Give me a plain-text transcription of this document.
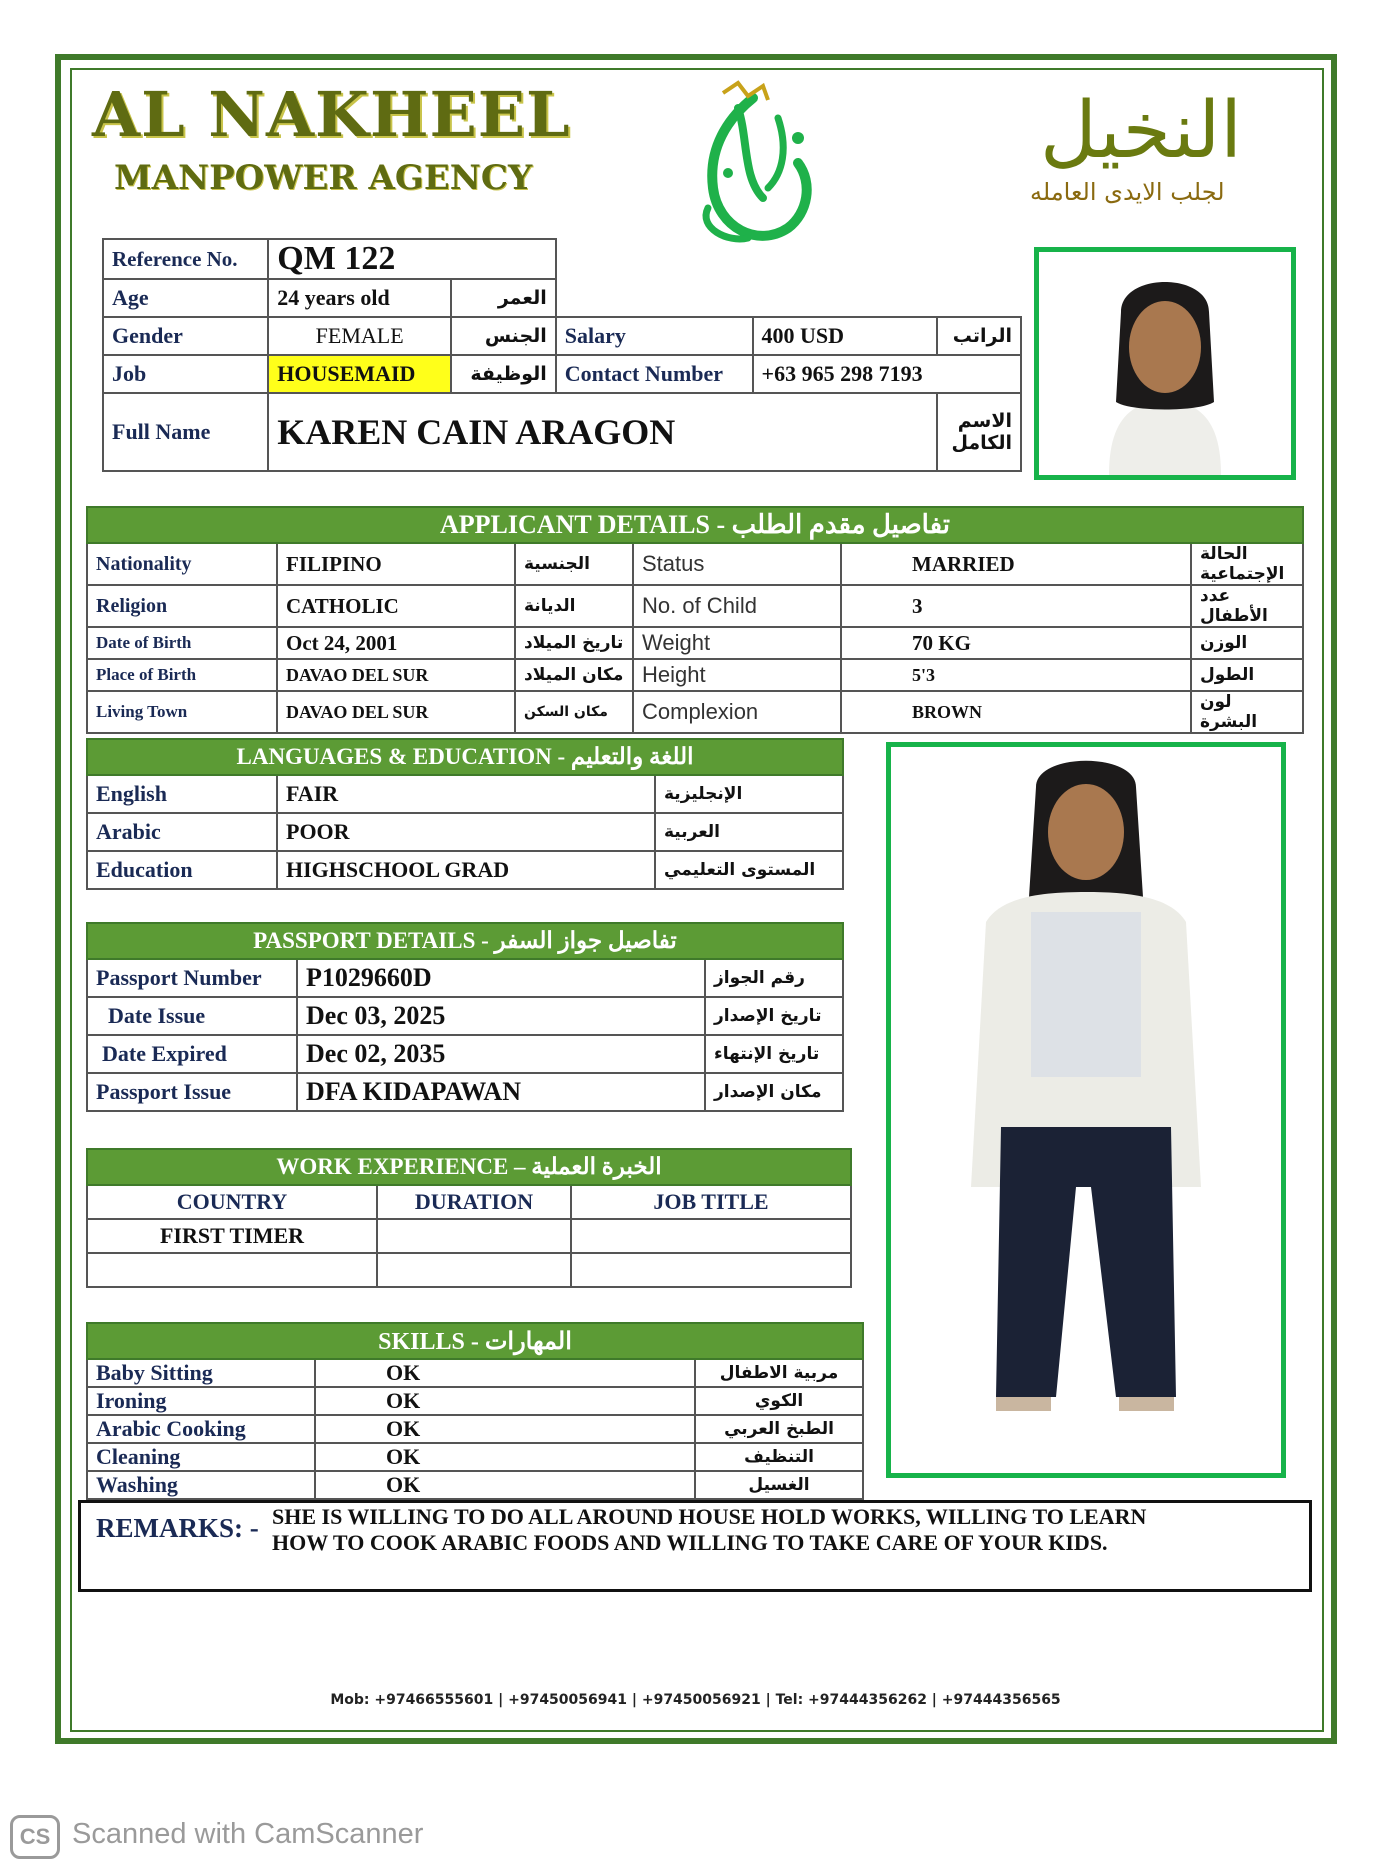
AL NAKHEEL
MANPOWER AGENCY
النخيل
لجلب الايدى العامله
Reference No.	QM 122				
Age	24 years old	العمر			
Gender	FEMALE	الجنس	Salary	400 USD	الراتب
Job	HOUSEMAID	الوظيفة	Contact Number	+63 965 298 7193	
Full Name	KAREN CAIN ARAGON				الاسم الكامل
APPLICANT DETAILS - تفاصيل مقدم الطلب					
Nationality	FILIPINO	الجنسية	Status	MARRIED	الحالة الإجتماعية
Religion	CATHOLIC	الديانة	No. of Child	3	عدد الأطفال
Date of Birth	Oct 24, 2001	تاريخ الميلاد	Weight	70 KG	الوزن
Place of Birth	DAVAO DEL SUR	مكان الميلاد	Height	5'3	الطول
Living Town	DAVAO DEL SUR	مكان السكن	Complexion	BROWN	لون البشرة
LANGUAGES & EDUCATION - اللغة والتعليم		
English	FAIR	الإنجليزية
Arabic	POOR	العربية
Education	HIGHSCHOOL GRAD	المستوى التعليمي
PASSPORT DETAILS - تفاصيل جواز السفر		
Passport Number	P1029660D	رقم الجواز
Date Issue	Dec 03, 2025	تاريخ الإصدار
Date Expired	Dec 02, 2035	تاريخ الإنتهاء
Passport Issue	DFA KIDAPAWAN	مكان الإصدار
WORK EXPERIENCE – الخبرة العملية		
COUNTRY	DURATION	JOB TITLE
FIRST TIMER		

SKILLS - المهارات		
Baby Sitting	OK	مربية الاطفال
Ironing	OK	الكوي
Arabic Cooking	OK	الطبخ العربي
Cleaning	OK	التنظيف
Washing	OK	الغسيل
REMARKS: - SHE IS WILLING TO DO ALL AROUND HOUSE HOLD WORKS, WILLING TO LEARN
HOW TO COOK ARABIC FOODS AND WILLING TO TAKE CARE OF YOUR KIDS.
Mob: +97466555601 | +97450056941 | +97450056921 | Tel: +97444356262 | +97444356565
CS Scanned with CamScanner
